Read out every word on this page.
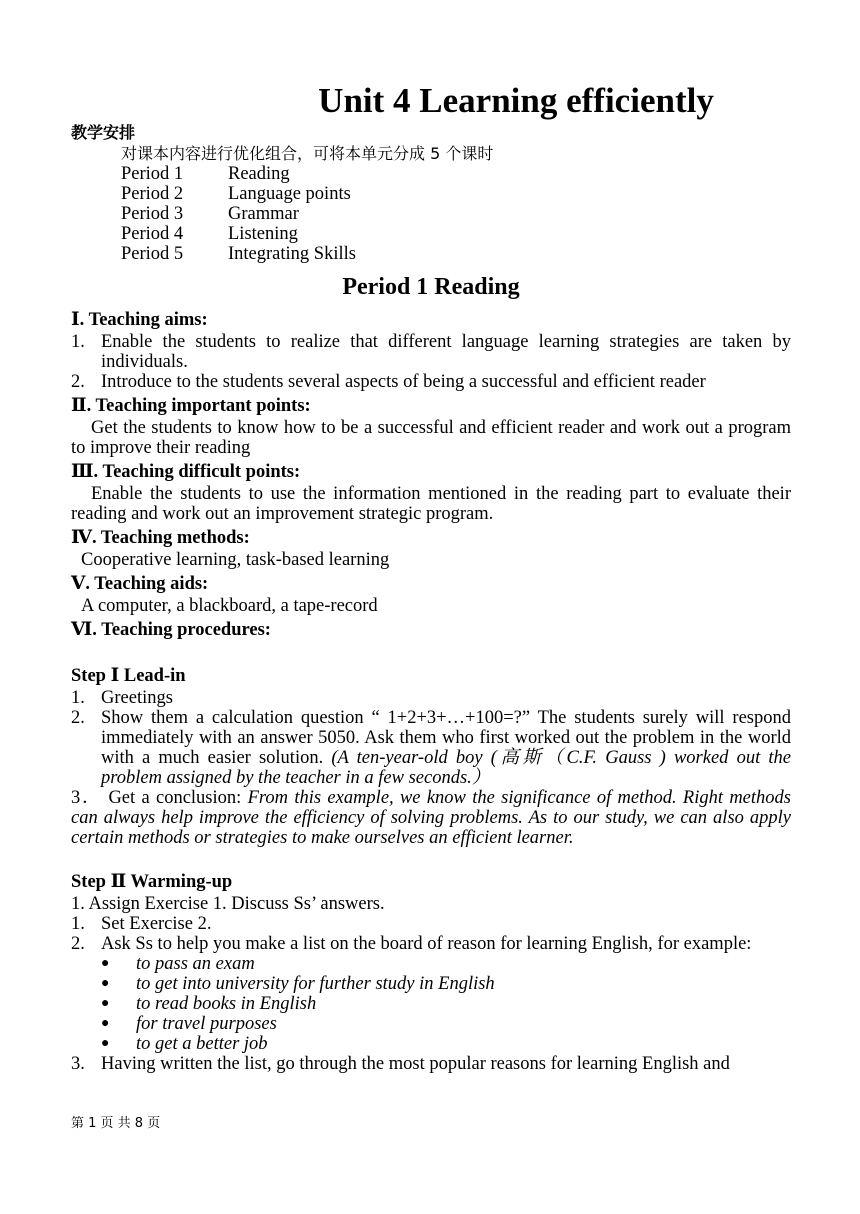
Unit 4 Learning efficiently
教学安排
对课本内容进行优化组合，可将本单元分成 5 个课时
Period 1	Reading
Period 2	Language points
Period 3	Grammar
Period 4	Listening
Period 5	Integrating Skills
Period 1 Reading
Ⅰ. Teaching aims:
1. Enable the students to realize that different language learning strategies are taken by individuals.
2. Introduce to the students several aspects of being a successful and efficient reader
Ⅱ. Teaching important points:
Get the students to know how to be a successful and efficient reader and work out a program to improve their reading
Ⅲ. Teaching difficult points:
Enable the students to use the information mentioned in the reading part to evaluate their reading and work out an improvement strategic program.
Ⅳ. Teaching methods:
Cooperative learning, task-based learning
Ⅴ. Teaching aids:
A computer, a blackboard, a tape-record
Ⅵ. Teaching procedures:
Step Ⅰ Lead-in
1. Greetings
2. Show them a calculation question “ 1+2+3+…+100=?” The students surely will respond immediately with an answer 5050. Ask them who first worked out the problem in the world with a much easier solution. (A ten-year-old boy (高斯（C.F. Gauss ) worked out the problem assigned by the teacher in a few seconds.）
3． Get a conclusion: From this example, we know the significance of method. Right methods can always help improve the efficiency of solving problems. As to our study, we can also apply certain methods or strategies to make ourselves an efficient learner.
Step Ⅱ Warming-up
1. Assign Exercise 1. Discuss Ss’ answers.
1. Set Exercise 2.
2. Ask Ss to help you make a list on the board of reason for learning English, for example:
●	to pass an exam
●	to get into university for further study in English
●	to read books in English
●	for travel purposes
●	to get a better job
3. Having written the list, go through the most popular reasons for learning English and
第 1 页 共 8 页
